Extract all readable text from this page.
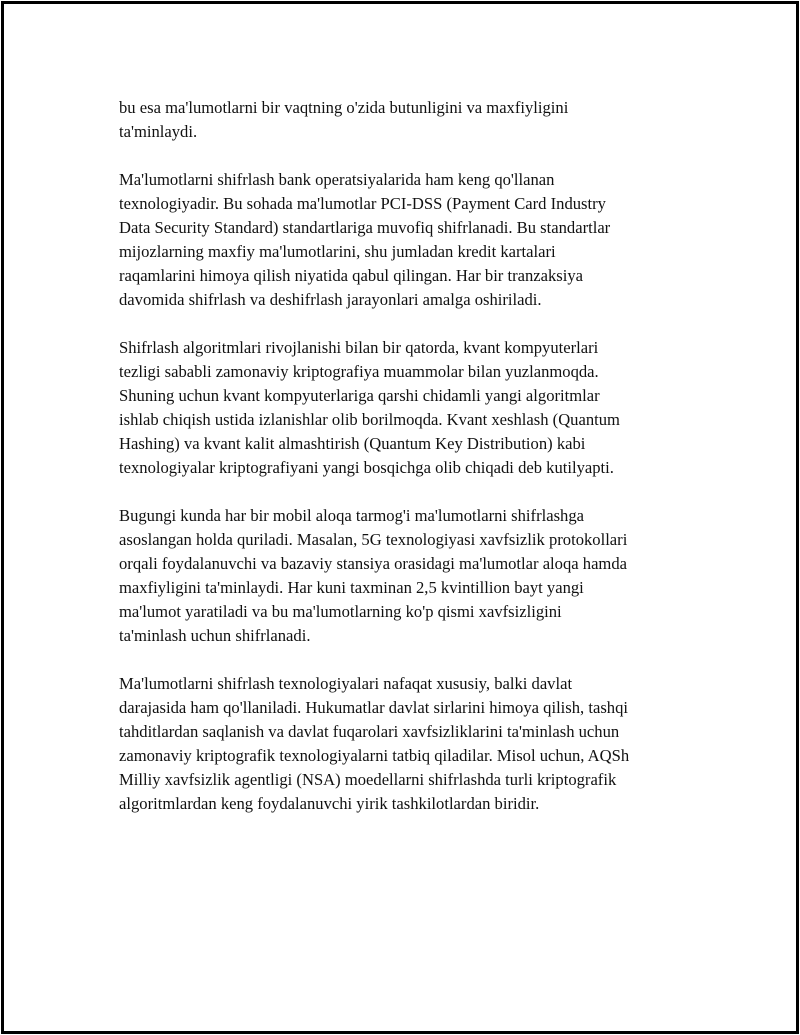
bu esa ma'lumotlarni bir vaqtning o'zida butunligini va maxfiyligini
ta'minlaydi.

Ma'lumotlarni shifrlash bank operatsiyalarida ham keng qo'llanan
texnologiyadir. Bu sohada ma'lumotlar PCI-DSS (Payment Card Industry
Data Security Standard) standartlariga muvofiq shifrlanadi. Bu standartlar
mijozlarning maxfiy ma'lumotlarini, shu jumladan kredit kartalari
raqamlarini himoya qilish niyatida qabul qilingan. Har bir tranzaksiya
davomida shifrlash va deshifrlash jarayonlari amalga oshiriladi.

Shifrlash algoritmlari rivojlanishi bilan bir qatorda, kvant kompyuterlari
tezligi sababli zamonaviy kriptografiya muammolar bilan yuzlanmoqda.
Shuning uchun kvant kompyuterlariga qarshi chidamli yangi algoritmlar
ishlab chiqish ustida izlanishlar olib borilmoqda. Kvant xeshlash (Quantum
Hashing) va kvant kalit almashtirish (Quantum Key Distribution) kabi
texnologiyalar kriptografiyani yangi bosqichga olib chiqadi deb kutilyapti.

Bugungi kunda har bir mobil aloqa tarmog'i ma'lumotlarni shifrlashga
asoslangan holda quriladi. Masalan, 5G texnologiyasi xavfsizlik protokollari
orqali foydalanuvchi va bazaviy stansiya orasidagi ma'lumotlar aloqa hamda
maxfiyligini ta'minlaydi. Har kuni taxminan 2,5 kvintillion bayt yangi
ma'lumot yaratiladi va bu ma'lumotlarning ko'p qismi xavfsizligini
ta'minlash uchun shifrlanadi.

Ma'lumotlarni shifrlash texnologiyalari nafaqat xususiy, balki davlat
darajasida ham qo'llaniladi. Hukumatlar davlat sirlarini himoya qilish, tashqi
tahditlardan saqlanish va davlat fuqarolari xavfsizliklarini ta'minlash uchun
zamonaviy kriptografik texnologiyalarni tatbiq qiladilar. Misol uchun, AQSh
Milliy xavfsizlik agentligi (NSA) moedellarni shifrlashda turli kriptografik
algoritmlardan keng foydalanuvchi yirik tashkilotlardan biridir.
